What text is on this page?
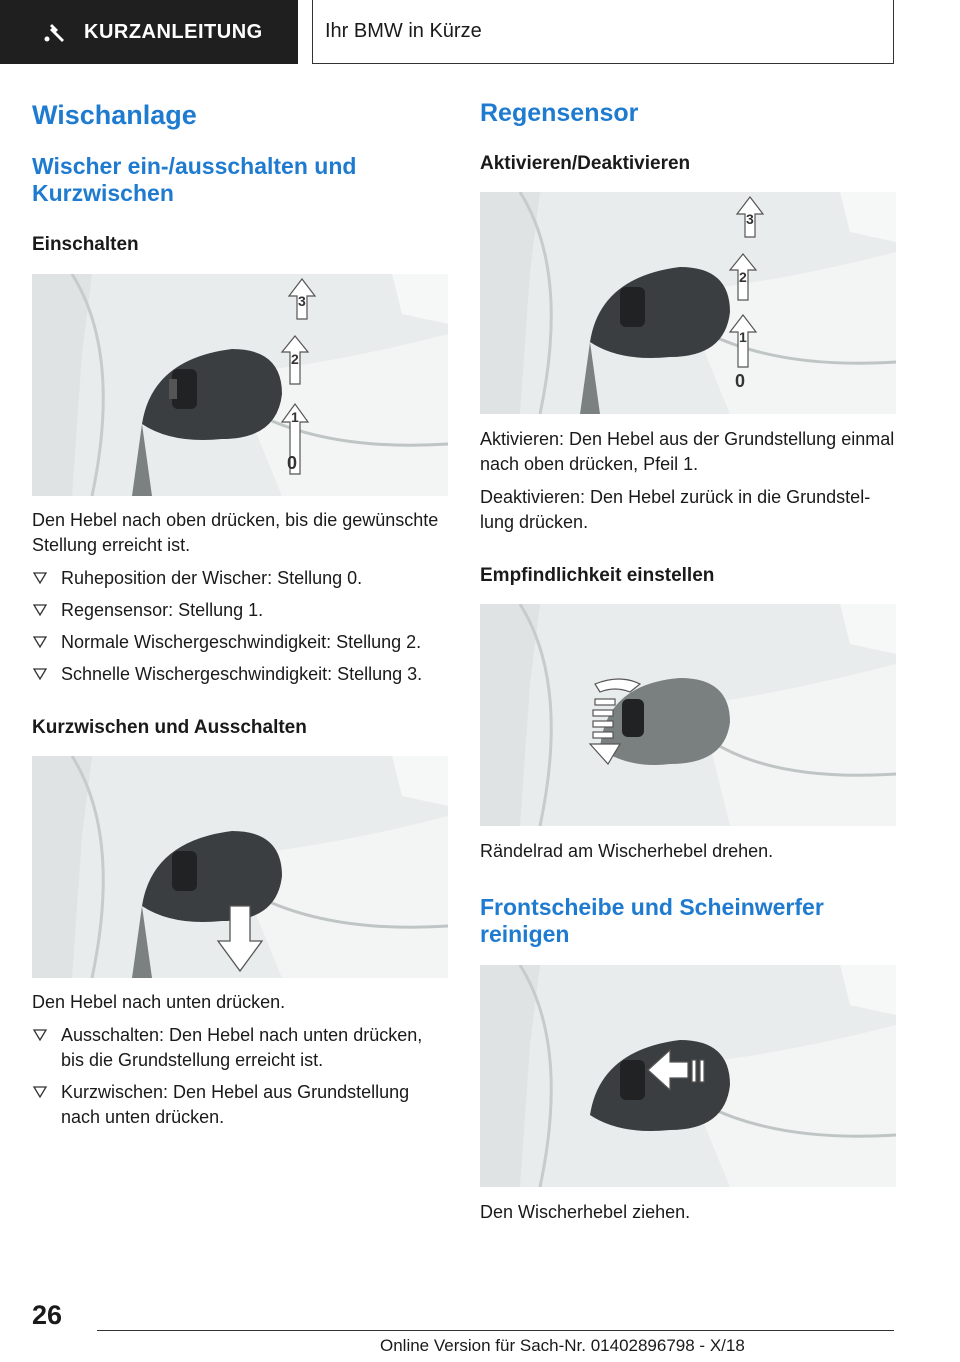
KURZANLEITUNG	Ihr BMW in Kürze
Wischanlage
Wischer ein-/ausschalten und Kurzwischen
Einschalten
3
2
1
0

Den Hebel nach oben drücken, bis die gewünschte Stellung erreicht ist.

Ruheposition der Wischer: Stellung 0.
Regensensor: Stellung 1.
Normale Wischergeschwindigkeit: Stellung 2.
Schnelle Wischergeschwindigkeit: Stellung 3.
Kurzwischen und Ausschalten

Den Hebel nach unten drücken.

Ausschalten: Den Hebel nach unten drücken, bis die Grundstellung erreicht ist.
Kurzwischen: Den Hebel aus Grundstellung nach unten drücken.
Regensensor
Aktivieren/Deaktivieren
3
2
1
0

Aktivieren: Den Hebel aus der Grundstellung einmal nach oben drücken, Pfeil 1.

Deaktivieren: Den Hebel zurück in die Grundstellung drücken.

Empfindlichkeit einstellen

Rändelrad am Wischerhebel drehen.

Frontscheibe und Scheinwerfer reinigen

Den Wischerhebel ziehen.

26
Online Version für Sach-Nr. 01402896798 - X/18
